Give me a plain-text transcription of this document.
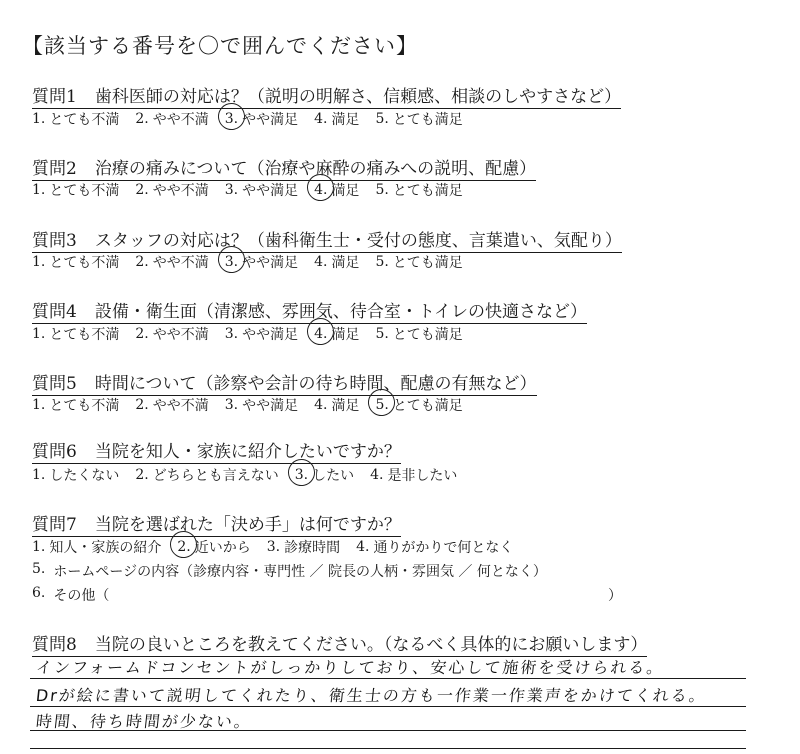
【該当する番号を〇で囲んでください】
質問1 歯科医師の対応は？（説明の明解さ、信頼感、相談のしやすさなど）
1. とても不満 2. やや不満 3. やや満足 4. 満足 5. とても満足
質問2 治療の痛みについて（治療や麻酔の痛みへの説明、配慮）
1. とても不満 2. やや不満 3. やや満足 4. 満足 5. とても満足
質問3 スタッフの対応は？（歯科衛生士・受付の態度、言葉遣い、気配り）
1. とても不満 2. やや不満 3. やや満足 4. 満足 5. とても満足
質問4 設備・衛生面（清潔感、雰囲気、待合室・トイレの快適さなど）
1. とても不満 2. やや不満 3. やや満足 4. 満足 5. とても満足
質問5 時間について（診察や会計の待ち時間、配慮の有無など）
1. とても不満 2. やや不満 3. やや満足 4. 満足 5. とても満足
質問6 当院を知人・家族に紹介したいですか？
1. したくない 2. どちらとも言えない 3. したい 4. 是非したい
質問7 当院を選ばれた「決め手」は何ですか？
1. 知人・家族の紹介 2. 近いから 3. 診療時間 4. 通りがかりで何となく
5. ホームページの内容（診療内容・専門性 ／ 院長の人柄・雰囲気 ／ 何となく）
6. その他（	）
質問8 当院の良いところを教えてください。（なるべく具体的にお願いします）
インフォームドコンセントがしっかりしており、安心して施術を受けられる。
Drが絵に書いて説明してくれたり、衛生士の方も一作業一作業声をかけてくれる。
時間、待ち時間が少ない。
